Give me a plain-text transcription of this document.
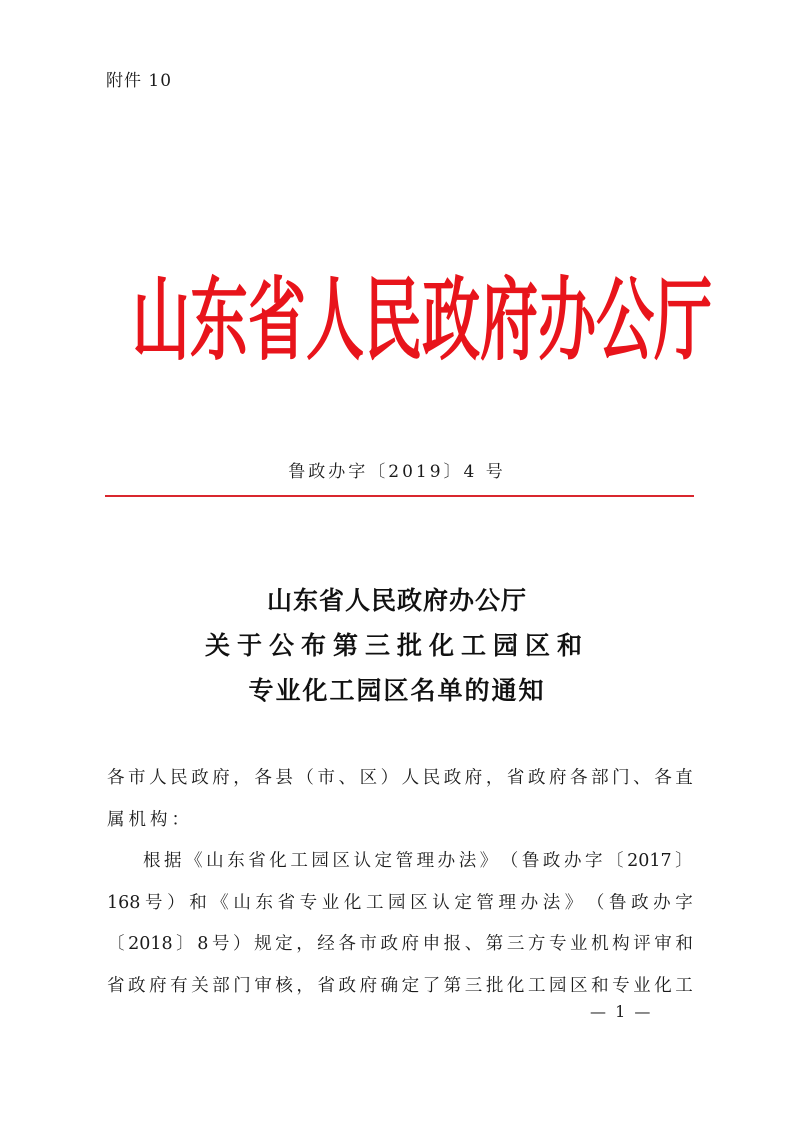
附件 10
山 东 省 人 民 政 府 办 公 厅
鲁政办字〔2019〕4 号
山东省人民政府办公厅
关于公布第三批化工园区和
专业化工园区名单的通知
各 市 人 民 政 府 ， 各 县 （ 市 、 区 ） 人 民 政 府 ， 省 政 府 各 部 门 、 各 直
属机构：
根 据 《 山 东 省 化 工 园 区 认 定 管 理 办 法 》 （ 鲁 政 办 字 〔 2017 〕
168 号 ） 和 《 山 东 省 专 业 化 工 园 区 认 定 管 理 办 法 》 （ 鲁 政 办 字
〔 2018 〕 8 号 ） 规 定 ， 经 各 市 政 府 申 报 、 第 三 方 专 业 机 构 评 审 和
省 政 府 有 关 部 门 审 核 ， 省 政 府 确 定 了 第 三 批 化 工 园 区 和 专 业 化 工
— 1 —
